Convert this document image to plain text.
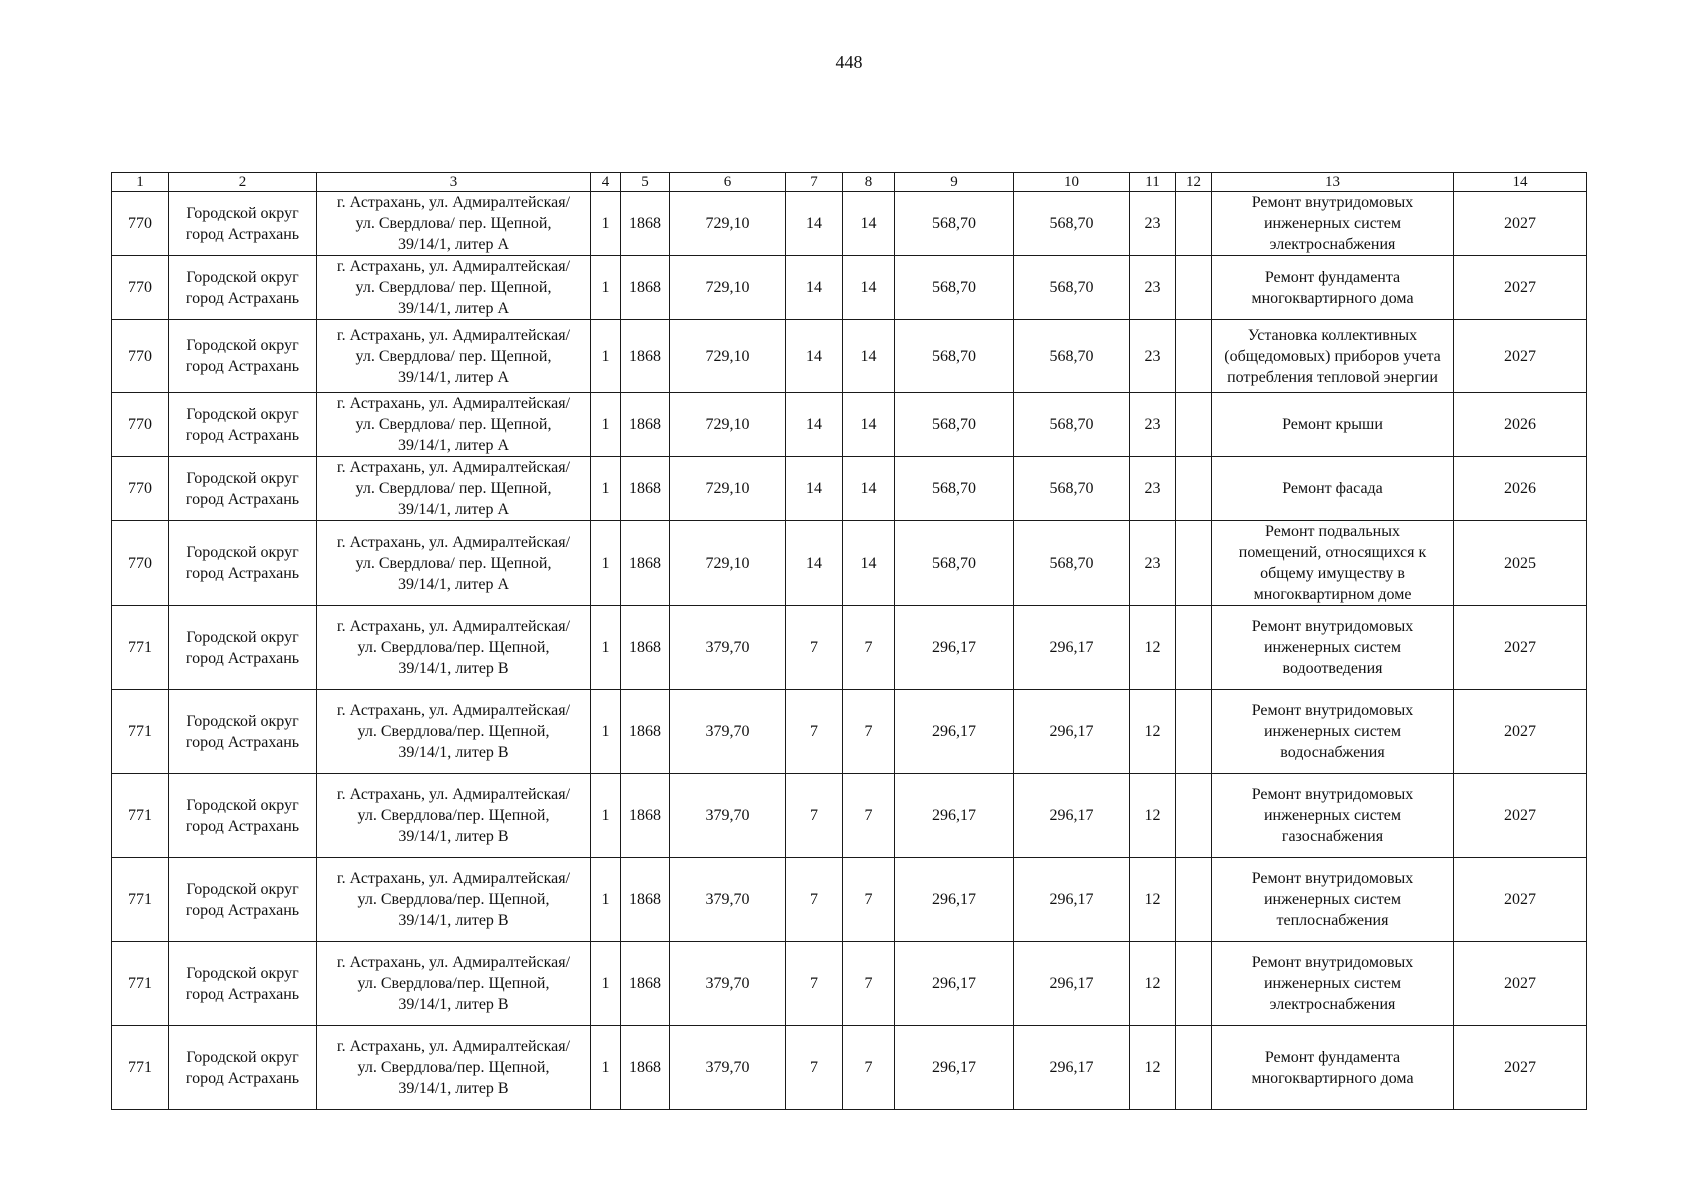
448
1	2	3	4	5	6	7	8	9	10	11	12	13	14
770	Городской округ
город Астрахань	г. Астрахань, ул. Адмиралтейская/
ул. Свердлова/ пер. Щепной,
39/14/1, литер А	1	1868	729,10	14	14	568,70	568,70	23		Ремонт внутридомовых
инженерных систем
электроснабжения	2027
770	Городской округ
город Астрахань	г. Астрахань, ул. Адмиралтейская/
ул. Свердлова/ пер. Щепной,
39/14/1, литер А	1	1868	729,10	14	14	568,70	568,70	23		Ремонт фундамента
многоквартирного дома	2027
770	Городской округ
город Астрахань	г. Астрахань, ул. Адмиралтейская/
ул. Свердлова/ пер. Щепной,
39/14/1, литер А	1	1868	729,10	14	14	568,70	568,70	23		Установка коллективных
(общедомовых) приборов учета
потребления тепловой энергии	2027
770	Городской округ
город Астрахань	г. Астрахань, ул. Адмиралтейская/
ул. Свердлова/ пер. Щепной,
39/14/1, литер А	1	1868	729,10	14	14	568,70	568,70	23		Ремонт крыши	2026
770	Городской округ
город Астрахань	г. Астрахань, ул. Адмиралтейская/
ул. Свердлова/ пер. Щепной,
39/14/1, литер А	1	1868	729,10	14	14	568,70	568,70	23		Ремонт фасада	2026
770	Городской округ
город Астрахань	г. Астрахань, ул. Адмиралтейская/
ул. Свердлова/ пер. Щепной,
39/14/1, литер А	1	1868	729,10	14	14	568,70	568,70	23		Ремонт подвальных
помещений, относящихся к
общему имуществу в
многоквартирном доме	2025
771	Городской округ
город Астрахань	г. Астрахань, ул. Адмиралтейская/
ул. Свердлова/пер. Щепной,
39/14/1, литер В	1	1868	379,70	7	7	296,17	296,17	12		Ремонт внутридомовых
инженерных систем
водоотведения	2027
771	Городской округ
город Астрахань	г. Астрахань, ул. Адмиралтейская/
ул. Свердлова/пер. Щепной,
39/14/1, литер В	1	1868	379,70	7	7	296,17	296,17	12		Ремонт внутридомовых
инженерных систем
водоснабжения	2027
771	Городской округ
город Астрахань	г. Астрахань, ул. Адмиралтейская/
ул. Свердлова/пер. Щепной,
39/14/1, литер В	1	1868	379,70	7	7	296,17	296,17	12		Ремонт внутридомовых
инженерных систем
газоснабжения	2027
771	Городской округ
город Астрахань	г. Астрахань, ул. Адмиралтейская/
ул. Свердлова/пер. Щепной,
39/14/1, литер В	1	1868	379,70	7	7	296,17	296,17	12		Ремонт внутридомовых
инженерных систем
теплоснабжения	2027
771	Городской округ
город Астрахань	г. Астрахань, ул. Адмиралтейская/
ул. Свердлова/пер. Щепной,
39/14/1, литер В	1	1868	379,70	7	7	296,17	296,17	12		Ремонт внутридомовых
инженерных систем
электроснабжения	2027
771	Городской округ
город Астрахань	г. Астрахань, ул. Адмиралтейская/
ул. Свердлова/пер. Щепной,
39/14/1, литер В	1	1868	379,70	7	7	296,17	296,17	12		Ремонт фундамента
многоквартирного дома	2027
